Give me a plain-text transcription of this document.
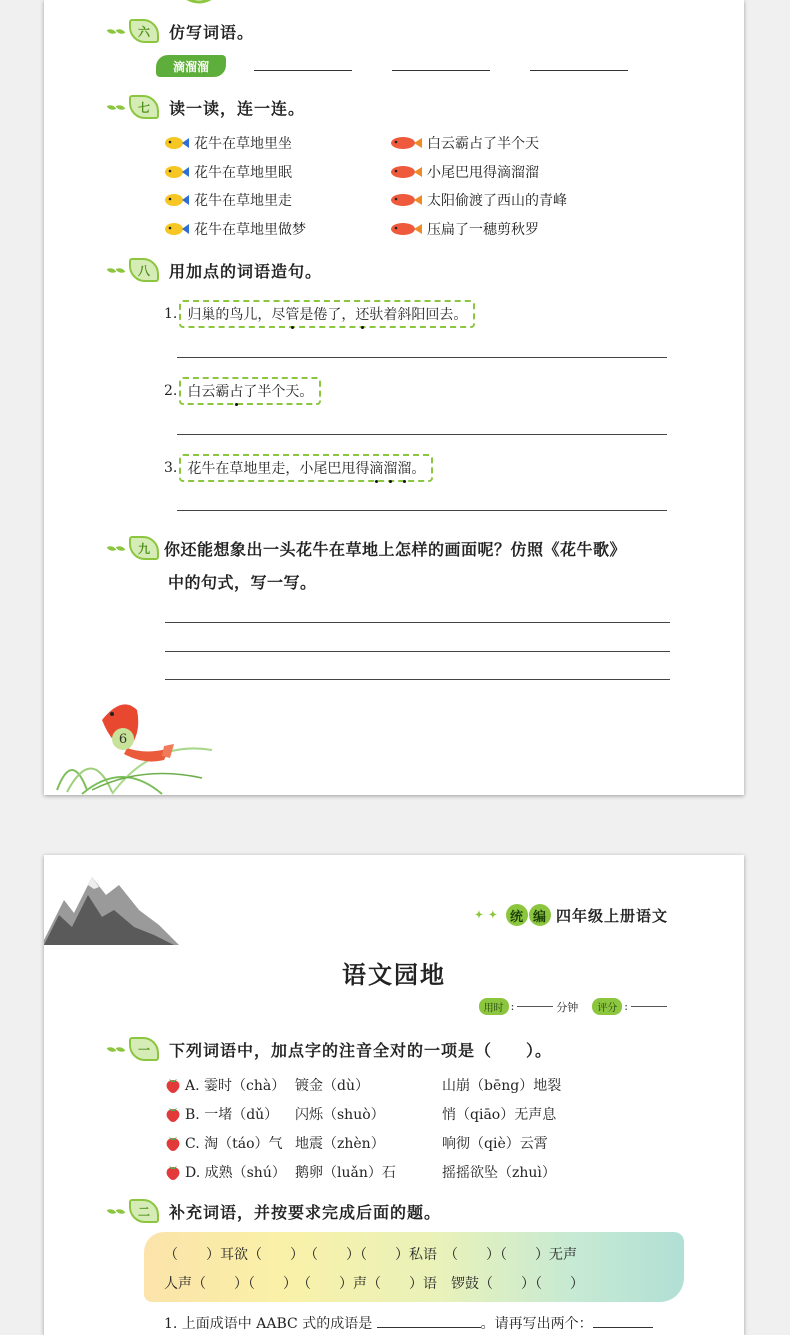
六	仿写词语。
滴溜溜
七	读一读，连一连。
花牛在草地里坐
花牛在草地里眠
花牛在草地里走
花牛在草地里做梦
白云霸占了半个天
小尾巴甩得滴溜溜
太阳偷渡了西山的青峰
压扁了一穗剪秋罗
八	用加点的词语造句。
1. 归巢的鸟儿，尽管是倦了，还驮着斜阳回去。
2. 白云霸占了半个天。
3. 花牛在草地里走，小尾巴甩得滴溜溜。
九 你还能想象出一头花牛在草地上怎样的画面呢？仿照《花牛歌》
中的句式，写一写。
6
✦ ✦ 统 编 四年级上册语文
语文园地
用时 :	分钟	评分 :
一	下列词语中，加点字的注音全对的一项是（　　）。
A. 霎时（chà） 镀金（dù）	山崩（bēng）地裂
B. 一堵（dǔ）	闪烁（shuò）	悄（qiāo）无声息
C. 淘（táo）气 地震（zhèn）	响彻（qiè）云霄
D. 成熟（shú） 鹅卵（luǎn）石	摇摇欲坠（zhuì）
二	补充词语，并按要求完成后面的题。
（　　）耳欲（　　）　（　　）（　　）私语　（　　）（　　）无声
人声（　　）（　　）　（　　）声（　　）语　锣鼓（　　）（　　）
1. 上面成语中 AABC 式的成语是	。请再写出两个：
